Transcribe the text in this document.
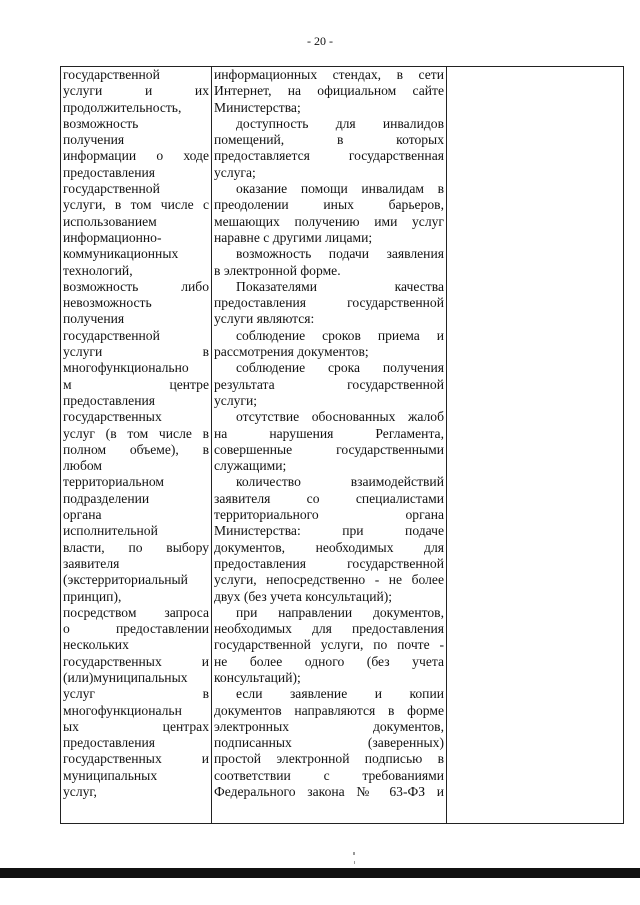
- 20 -
государственной
услуги и их
продолжительность,
возможность
получения
информации о ходе
предоставления
государственной
услуги, в том числе с
использованием
информационно-
коммуникационных
технологий,
возможность либо
невозможность
получения
государственной
услуги в
многофункционально
м центре
предоставления
государственных
услуг (в том числе в
полном объеме), в
любом
территориальном
подразделении
органа
исполнительной
власти, по выбору
заявителя
(экстерриториальный
принцип),
посредством запроса
о предоставлении
нескольких
государственных и
(или)муниципальных
услуг в
многофункциональн
ых центрах
предоставления
государственных и
муниципальных
услуг,

информационных стендах, в сети
Интернет, на официальном сайте
Министерства;
доступность для инвалидов
помещений, в которых
предоставляется государственная
услуга;
оказание помощи инвалидам в
преодолении иных барьеров,
мешающих получению ими услуг
наравне с другими лицами;
возможность подачи заявления
в электронной форме.
Показателями качества
предоставления государственной
услуги являются:
соблюдение сроков приема и
рассмотрения документов;
соблюдение срока получения
результата государственной
услуги;
отсутствие обоснованных жалоб
на нарушения Регламента,
совершенные государственными
служащими;
количество взаимодействий
заявителя со специалистами
территориального органа
Министерства: при подаче
документов, необходимых для
предоставления государственной
услуги, непосредственно - не более
двух (без учета консультаций);
при направлении документов,
необходимых для предоставления
государственной услуги, по почте -
не более одного (без учета
консультаций);
если заявление и копии
документов направляются в форме
электронных документов,
подписанных (заверенных)
простой электронной подписью в
соответствии с требованиями
Федерального закона № 63-ФЗ и
